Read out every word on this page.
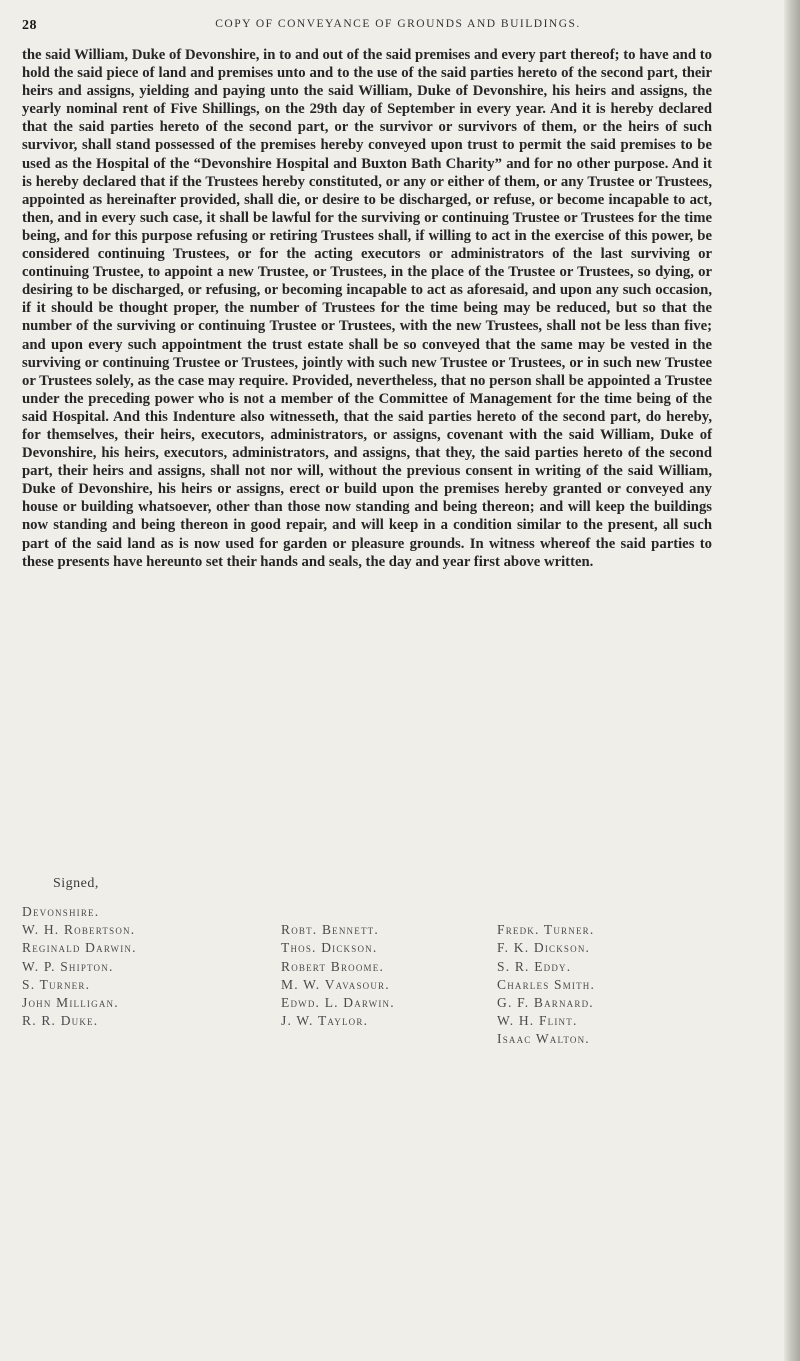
28	COPY OF CONVEYANCE OF GROUNDS AND BUILDINGS.
the said William, Duke of Devonshire, in to and out of the said premises and every part thereof; to have and to hold the said piece of land and premises unto and to the use of the said parties hereto of the second part, their heirs and assigns, yielding and paying unto the said William, Duke of Devonshire, his heirs and assigns, the yearly nominal rent of Five Shillings, on the 29th day of September in every year. And it is hereby declared that the said parties hereto of the second part, or the survivor or survivors of them, or the heirs of such survivor, shall stand possessed of the premises hereby conveyed upon trust to permit the said premises to be used as the Hospital of the “Devonshire Hospital and Buxton Bath Charity” and for no other purpose. And it is hereby declared that if the Trustees hereby constituted, or any or either of them, or any Trustee or Trustees, appointed as hereinafter provided, shall die, or desire to be discharged, or refuse, or become incapable to act, then, and in every such case, it shall be lawful for the surviving or continuing Trustee or Trustees for the time being, and for this purpose refusing or retiring Trustees shall, if willing to act in the exercise of this power, be considered continuing Trustees, or for the acting executors or administrators of the last surviving or continuing Trustee, to appoint a new Trustee, or Trustees, in the place of the Trustee or Trustees, so dying, or desiring to be discharged, or refusing, or becoming incapable to act as aforesaid, and upon any such occasion, if it should be thought proper, the number of Trustees for the time being may be reduced, but so that the number of the surviving or continuing Trustee or Trustees, with the new Trustees, shall not be less than five; and upon every such appointment the trust estate shall be so conveyed that the same may be vested in the surviving or continuing Trustee or Trustees, jointly with such new Trustee or Trustees, or in such new Trustee or Trustees solely, as the case may require. Provided, nevertheless, that no person shall be appointed a Trustee under the preceding power who is not a member of the Committee of Management for the time being of the said Hospital. And this Indenture also witnesseth, that the said parties hereto of the second part, do hereby, for themselves, their heirs, executors, administrators, or assigns, covenant with the said William, Duke of Devonshire, his heirs, executors, administrators, and assigns, that they, the said parties hereto of the second part, their heirs and assigns, shall not nor will, without the previous consent in writing of the said William, Duke of Devonshire, his heirs or assigns, erect or build upon the premises hereby granted or conveyed any house or building whatsoever, other than those now standing and being thereon; and will keep the buildings now standing and being thereon in good repair, and will keep in a condition similar to the present, all such part of the said land as is now used for garden or pleasure grounds. In witness whereof the said parties to these presents have hereunto set their hands and seals, the day and year first above written.
Signed,
Devonshire.
W. H. Robertson.
Reginald Darwin.
W. P. Shipton.
S. Turner.
John Milligan.
R. R. Duke.

Robt. Bennett.
Thos. Dickson.
Robert Broome.
M. W. Vavasour.
Edwd. L. Darwin.
J. W. Taylor.

Fredk. Turner.
F. K. Dickson.
S. R. Eddy.
Charles Smith.
G. F. Barnard.
W. H. Flint.
Isaac Walton.
